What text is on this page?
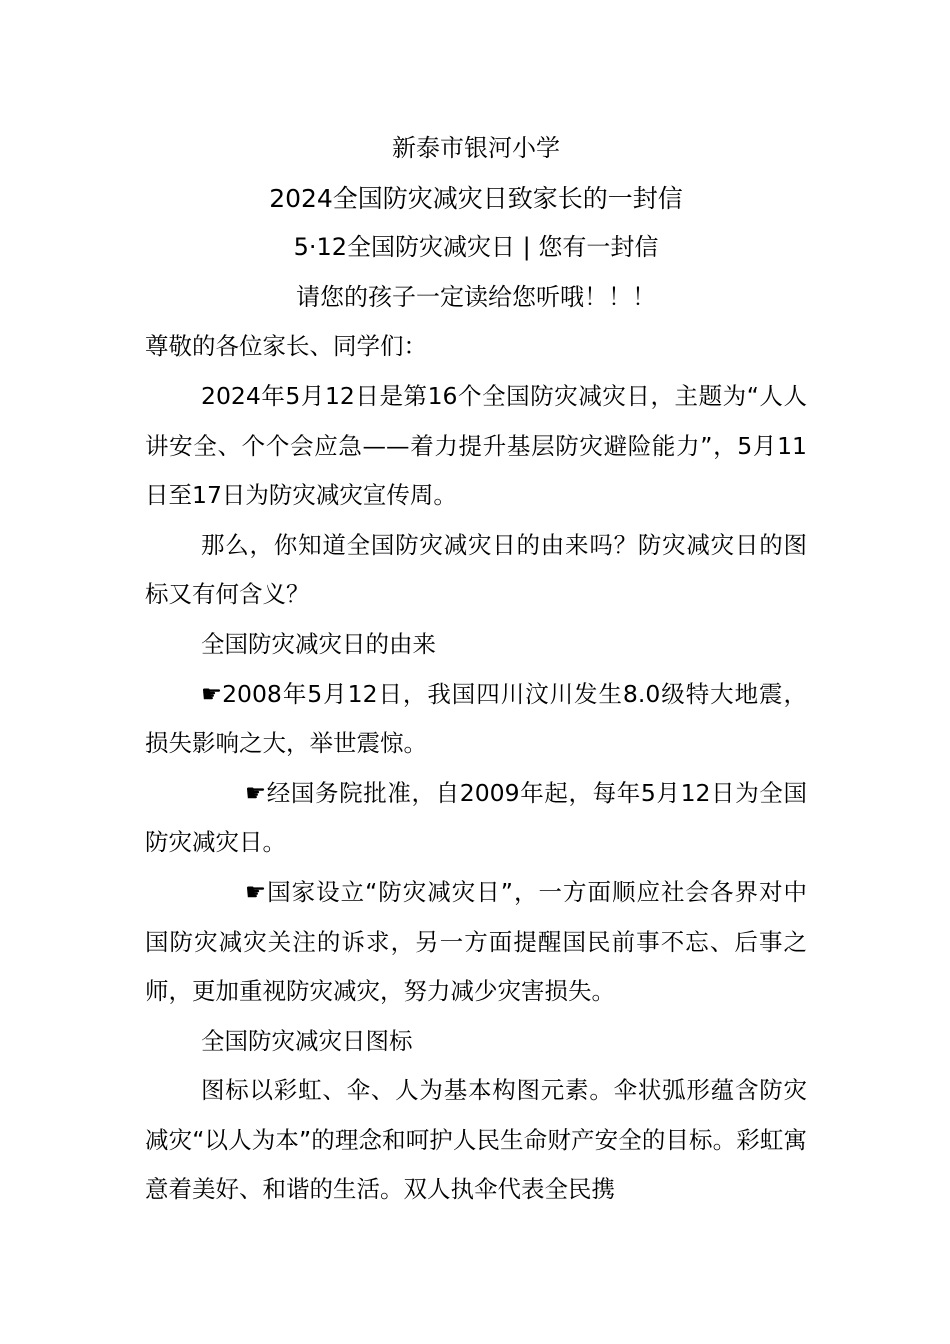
新泰市银河小学
2024全国防灾减灾日致家长的一封信
5·12全国防灾减灾日 | 您有一封信
请您的孩子一定读给您听哦！！！

尊敬的各位家长、同学们：

2024年5月12日是第16个全国防灾减灾日，主题为“人人讲安全、个个会应急——着力提升基层防灾避险能力”，5月11日至17日为防灾减灾宣传周。

那么，你知道全国防灾减灾日的由来吗？防灾减灾日的图标又有何含义？

全国防灾减灾日的由来

☛2008年5月12日，我国四川汶川发生8.0级特大地震，损失影响之大，举世震惊。

☛经国务院批准，自2009年起，每年5月12日为全国防灾减灾日。

☛国家设立“防灾减灾日”，一方面顺应社会各界对中国防灾减灾关注的诉求，另一方面提醒国民前事不忘、后事之师，更加重视防灾减灾，努力减少灾害损失。

全国防灾减灾日图标

图标以彩虹、伞、人为基本构图元素。伞状弧形蕴含防灾减灾“以人为本”的理念和呵护人民生命财产安全的目标。彩虹寓意着美好、和谐的生活。双人执伞代表全民携
